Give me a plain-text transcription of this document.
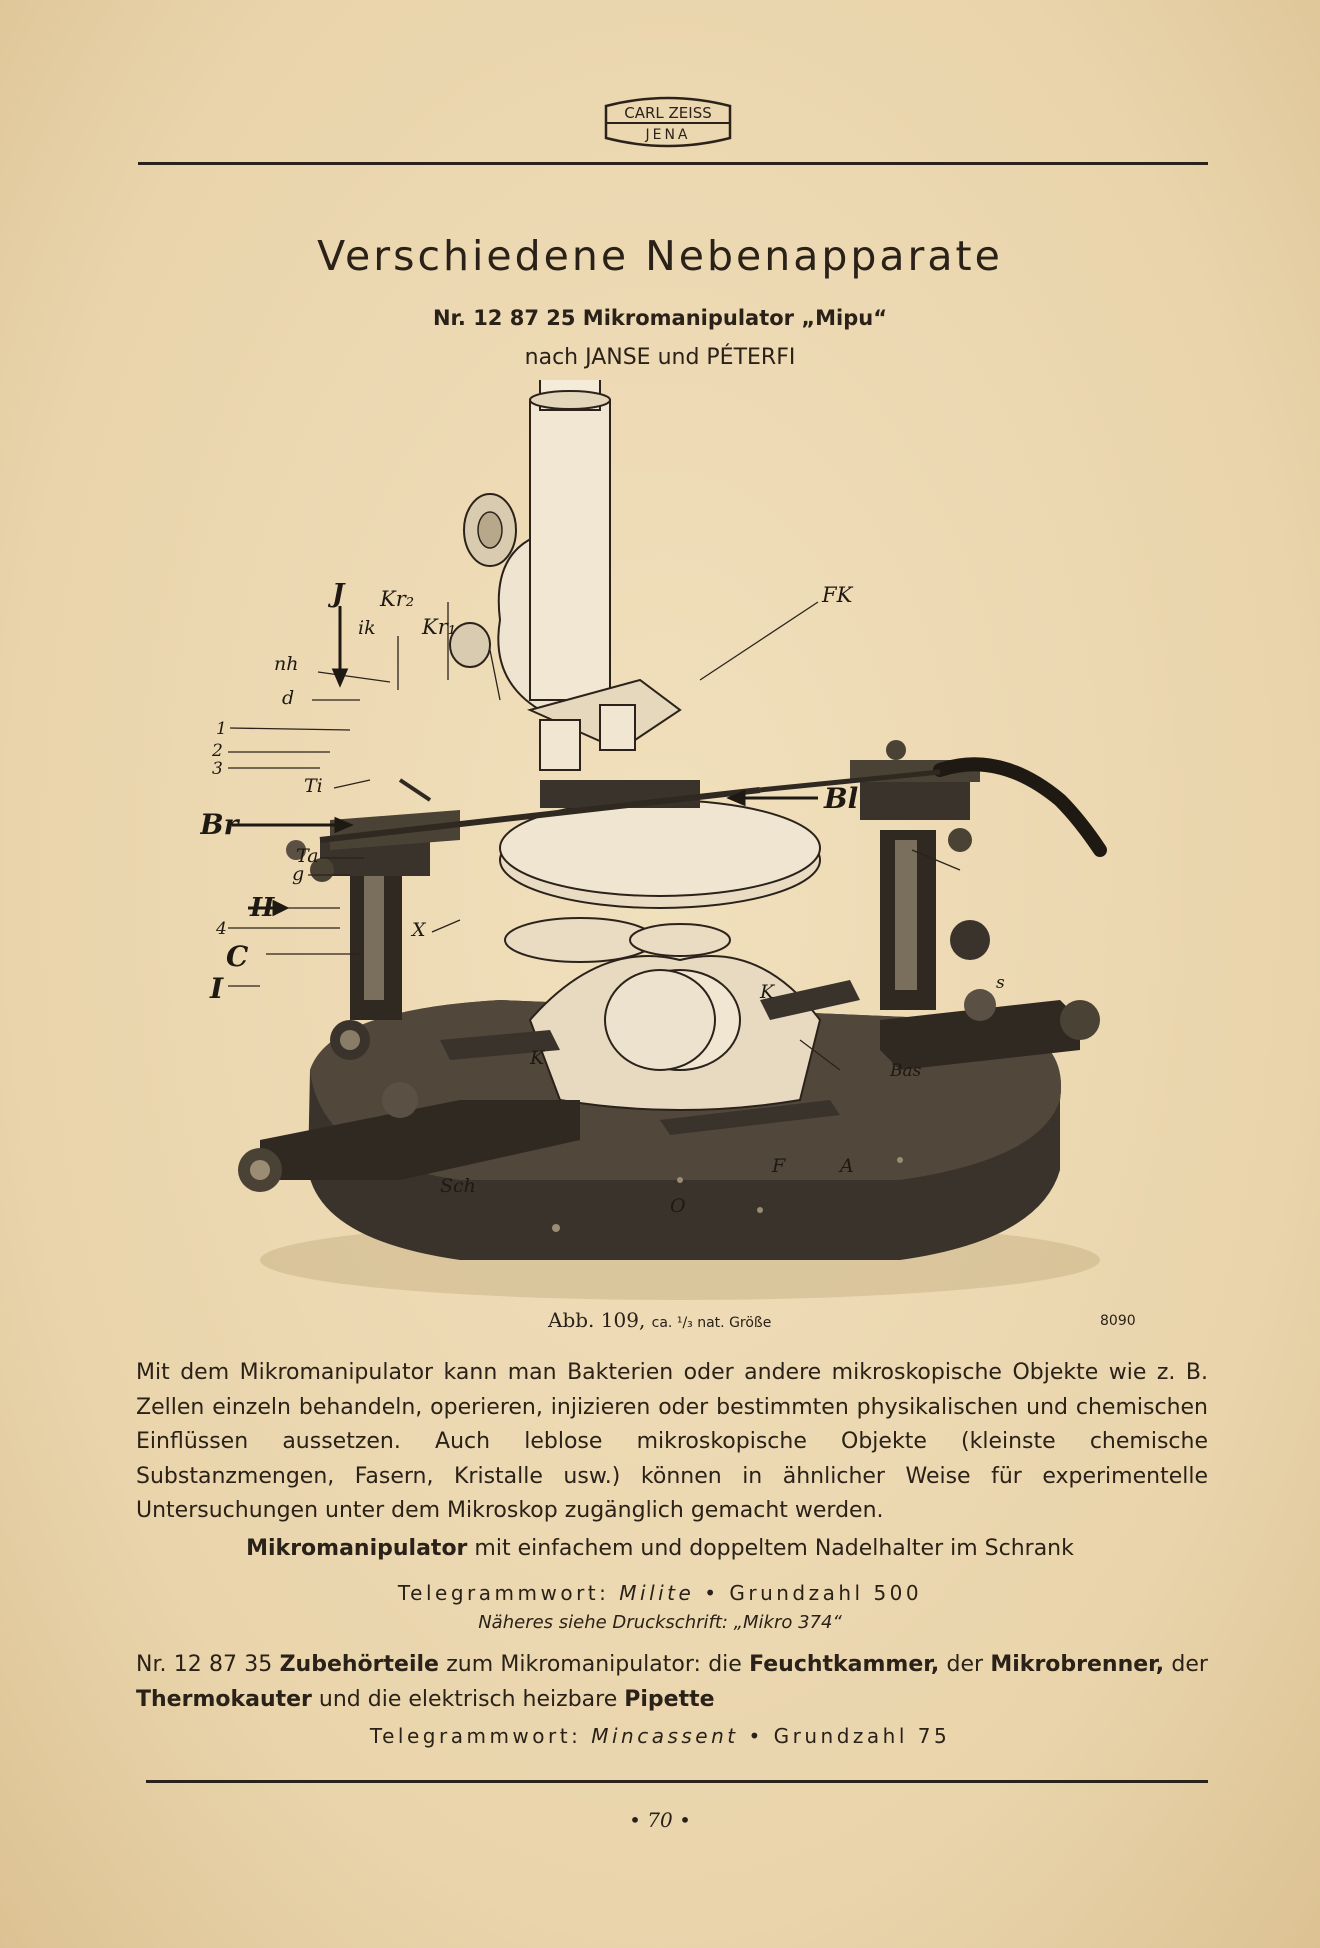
CARL ZEISS
JENA
Verschiedene Nebenapparate
Nr. 12 87 25 Mikromanipulator „Mipu“
nach JANSE und PÉTERFI
J Kr₂
ik Kr₁
FK
nh
d
1
2
3
Ti
Br
Ta
g
II
4
C
I
X
Sch
K
K
F	A
O
Bas
s
Bl
Abb. 109, ca. ¹/₃ nat. Größe	8090
Mit dem Mikromanipulator kann man Bakterien oder andere mikroskopische Objekte wie z. B. Zellen einzeln behandeln, operieren, injizieren oder bestimmten physikalischen und chemischen Einflüssen aussetzen. Auch leblose mikroskopische Objekte (kleinste chemische Substanzmengen, Fasern, Kristalle usw.) können in ähnlicher Weise für experimentelle Untersuchungen unter dem Mikroskop zugänglich gemacht werden.
Mikromanipulator mit einfachem und doppeltem Nadelhalter im Schrank
Telegrammwort: Milite • Grundzahl 500
Näheres siehe Druckschrift: „Mikro 374“
Nr. 12 87 35 Zubehörteile zum Mikromanipulator: die Feuchtkammer, der Mikrobrenner, der Thermokauter und die elektrisch heizbare Pipette
Telegrammwort: Mincassent • Grundzahl 75
• 70 •
